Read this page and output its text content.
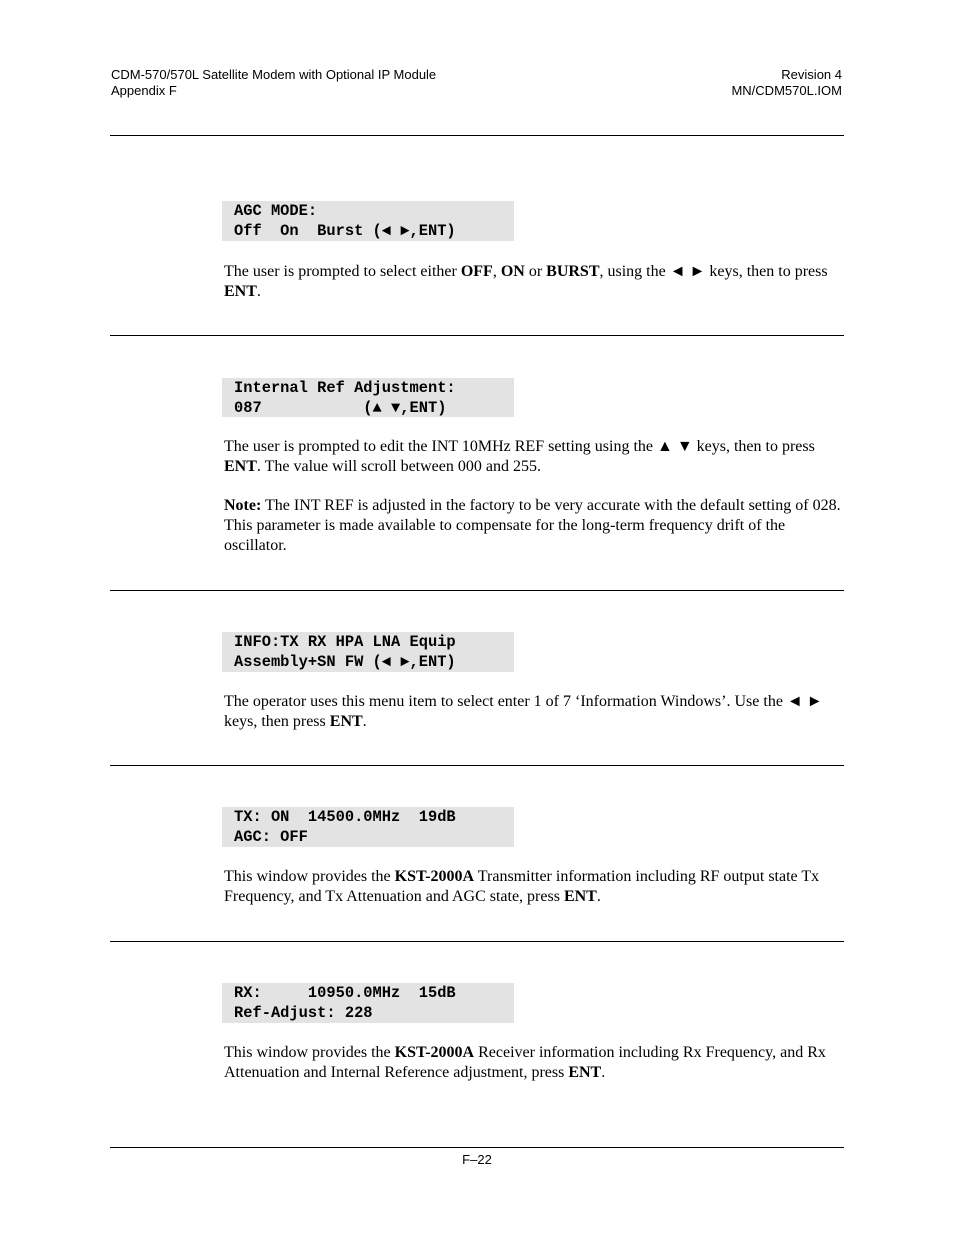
CDM-570/570L Satellite Modem with Optional IP Module
Appendix F
Revision 4
MN/CDM570L.IOM
AGC MODE:
Off  On  Burst (◄ ►,ENT)
The user is prompted to select either OFF, ON or BURST, using the ◄ ► keys, then to press ENT.
Internal Ref Adjustment:
087           (▲ ▼,ENT)
The user is prompted to edit the INT 10MHz REF setting using the ▲ ▼ keys, then to press ENT. The value will scroll between 000 and 255.
Note: The INT REF is adjusted in the factory to be very accurate with the default setting of 028. This parameter is made available to compensate for the long-term frequency drift of the oscillator.
INFO:TX RX HPA LNA Equip
Assembly+SN FW (◄ ►,ENT)
The operator uses this menu item to select enter 1 of 7 ‘Information Windows’. Use the ◄ ► keys, then press ENT.
TX: ON  14500.0MHz  19dB
AGC: OFF
This window provides the KST-2000A Transmitter information including RF output state Tx Frequency, and Tx Attenuation and AGC state, press ENT.
RX:     10950.0MHz  15dB
Ref-Adjust: 228
This window provides the KST-2000A Receiver information including Rx Frequency, and Rx Attenuation and Internal Reference adjustment, press ENT.
F–22
